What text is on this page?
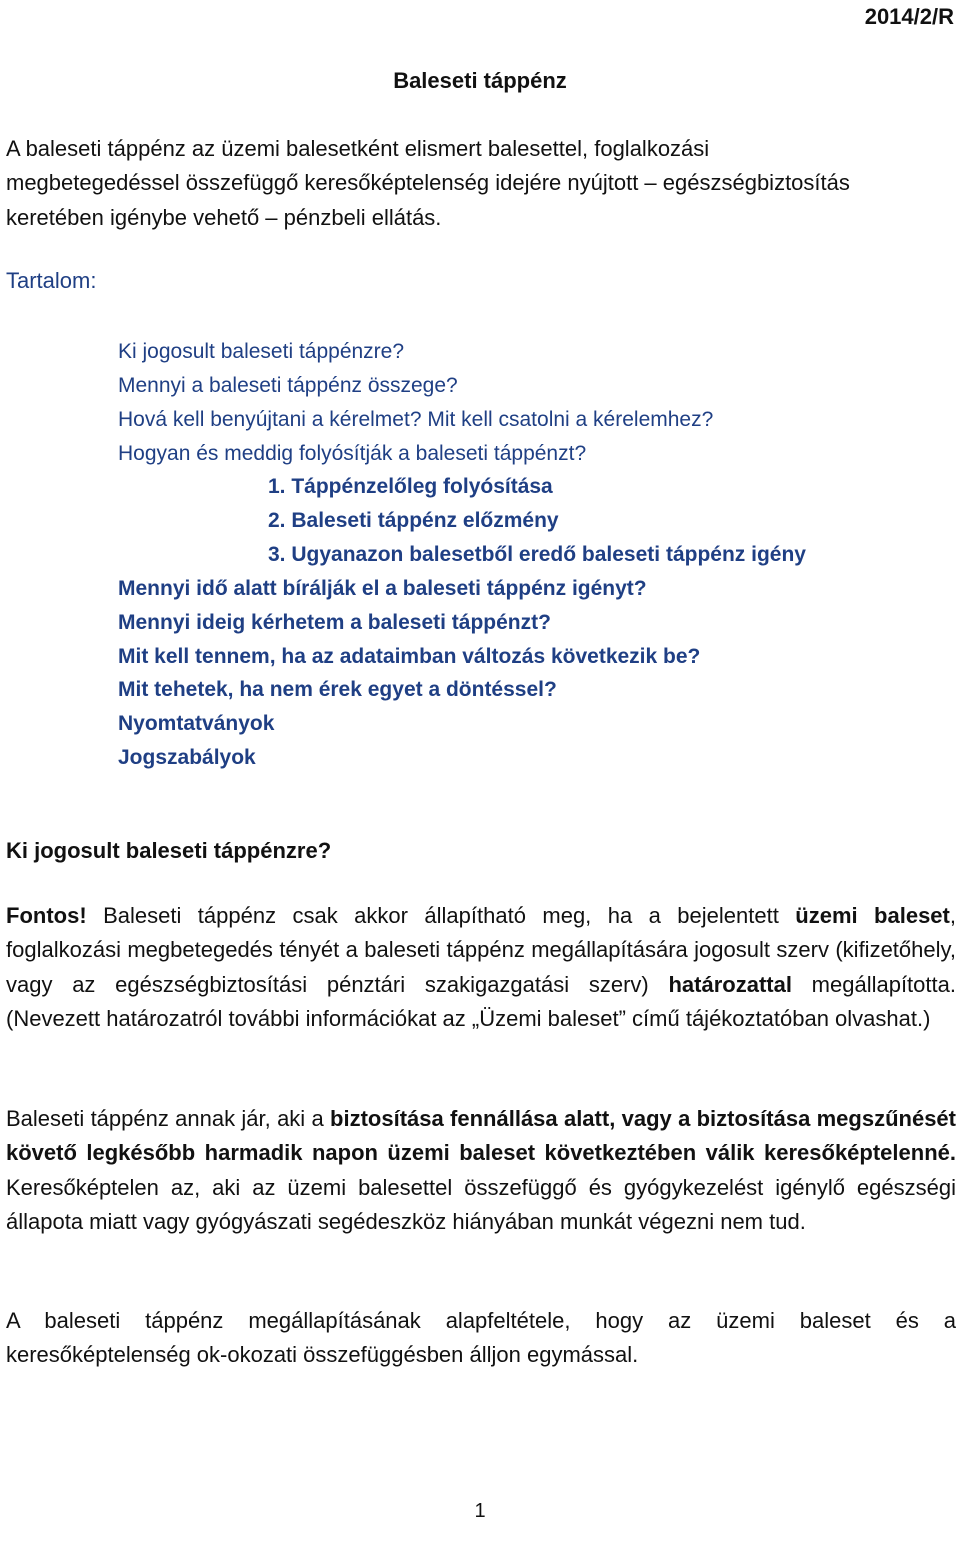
2014/2/R
Baleseti táppénz
A baleseti táppénz az üzemi balesetként elismert balesettel, foglalkozási
megbetegedéssel összefüggő keresőképtelenség idejére nyújtott – egészségbiztosítás
keretében igénybe vehető – pénzbeli ellátás.
Tartalom:
Ki jogosult baleseti táppénzre?
Mennyi a baleseti táppénz összege?
Hová kell benyújtani a kérelmet? Mit kell csatolni a kérelemhez?
Hogyan és meddig folyósítják a baleseti táppénzt?
1. Táppénzelőleg folyósítása
2. Baleseti táppénz előzmény
3. Ugyanazon balesetből eredő baleseti táppénz igény
Mennyi idő alatt bírálják el a baleseti táppénz igényt?
Mennyi ideig kérhetem a baleseti táppénzt?
Mit kell tennem, ha az adataimban változás következik be?
Mit tehetek, ha nem érek egyet a döntéssel?
Nyomtatványok
Jogszabályok
Ki jogosult baleseti táppénzre?
Fontos! Baleseti táppénz csak akkor állapítható meg, ha a bejelentett üzemi baleset, foglalkozási megbetegedés tényét a baleseti táppénz megállapítására jogosult szerv (kifizetőhely, vagy az egészségbiztosítási pénztári szakigazgatási szerv) határozattal megállapította. (Nevezett határozatról további információkat az „Üzemi baleset” című tájékoztatóban olvashat.)
Baleseti táppénz annak jár, aki a biztosítása fennállása alatt, vagy a biztosítása megszűnését követő legkésőbb harmadik napon üzemi baleset következtében válik keresőképtelenné. Keresőképtelen az, aki az üzemi balesettel összefüggő és gyógykezelést igénylő egészségi állapota miatt vagy gyógyászati segédeszköz hiányában munkát végezni nem tud.
A baleseti táppénz megállapításának alapfeltétele, hogy az üzemi baleset és a keresőképtelenség ok-okozati összefüggésben álljon egymással.
1
